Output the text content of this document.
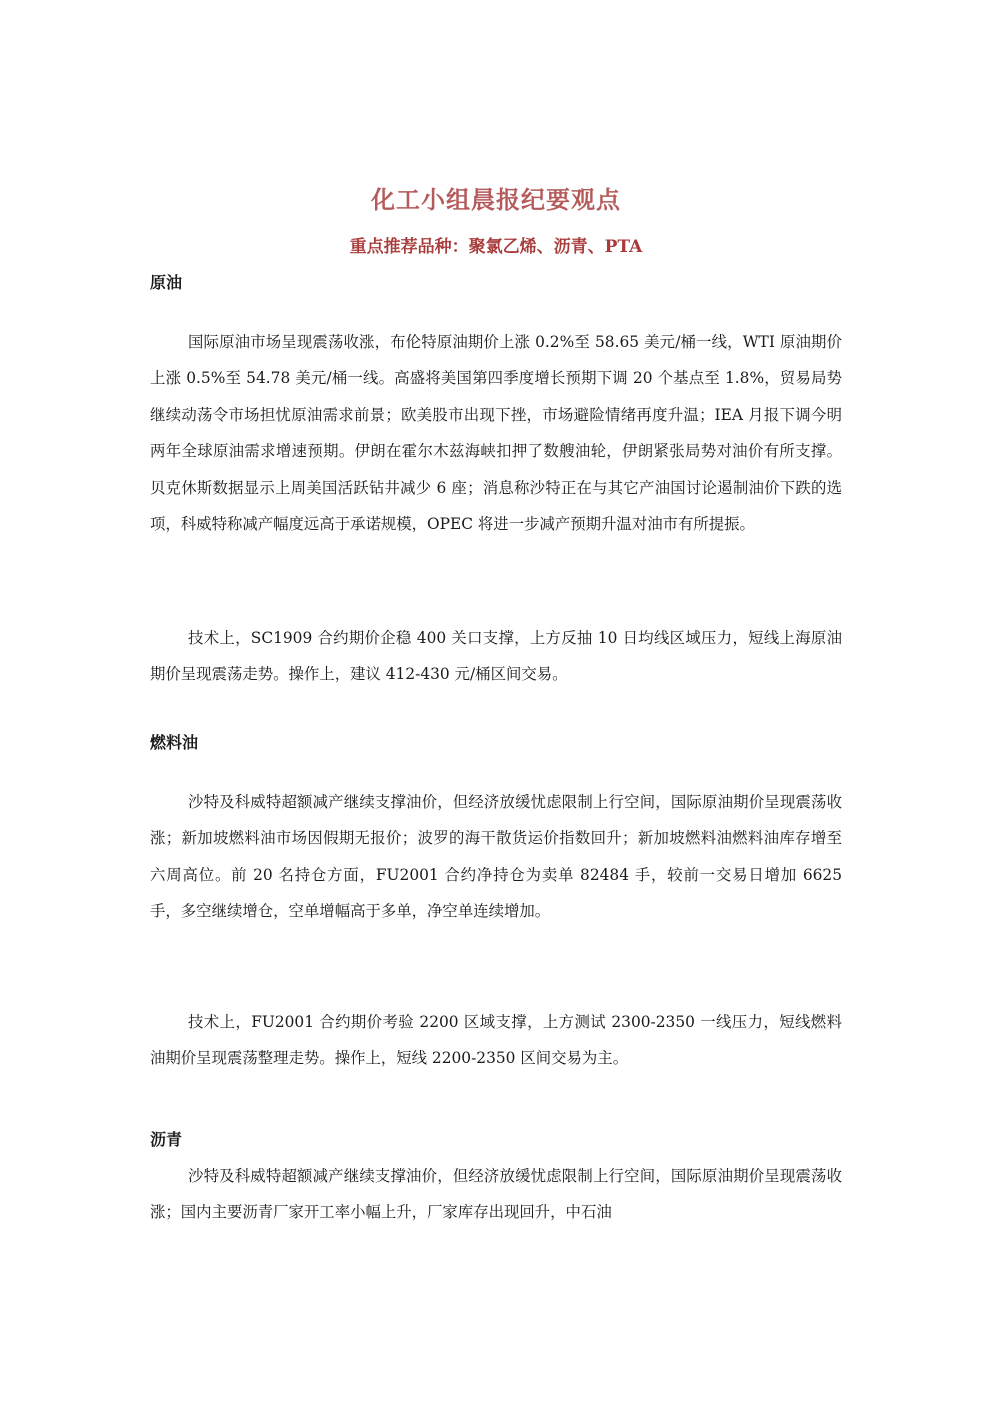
化工小组晨报纪要观点
重点推荐品种：聚氯乙烯、沥青、PTA
原油

国际原油市场呈现震荡收涨，布伦特原油期价上涨 0.2%至 58.65 美元/桶一线，WTI 原油期价上涨 0.5%至 54.78 美元/桶一线。高盛将美国第四季度增长预期下调 20 个基点至 1.8%，贸易局势继续动荡令市场担忧原油需求前景；欧美股市出现下挫，市场避险情绪再度升温；IEA 月报下调今明两年全球原油需求增速预期。伊朗在霍尔木兹海峡扣押了数艘油轮，伊朗紧张局势对油价有所支撑。贝克休斯数据显示上周美国活跃钻井减少 6 座；消息称沙特正在与其它产油国讨论遏制油价下跌的选项，科威特称减产幅度远高于承诺规模，OPEC 将进一步减产预期升温对油市有所提振。

技术上，SC1909 合约期价企稳 400 关口支撑，上方反抽 10 日均线区域压力，短线上海原油期价呈现震荡走势。操作上，建议 412-430 元/桶区间交易。

燃料油

沙特及科威特超额减产继续支撑油价，但经济放缓忧虑限制上行空间，国际原油期价呈现震荡收涨；新加坡燃料油市场因假期无报价；波罗的海干散货运价指数回升；新加坡燃料油燃料油库存增至六周高位。前 20 名持仓方面，FU2001 合约净持仓为卖单 82484 手，较前一交易日增加 6625 手，多空继续增仓，空单增幅高于多单，净空单连续增加。

技术上，FU2001 合约期价考验 2200 区域支撑，上方测试 2300-2350 一线压力，短线燃料油期价呈现震荡整理走势。操作上，短线 2200-2350 区间交易为主。

沥青

沙特及科威特超额减产继续支撑油价，但经济放缓忧虑限制上行空间，国际原油期价呈现震荡收涨；国内主要沥青厂家开工率小幅上升，厂家库存出现回升，中石油
